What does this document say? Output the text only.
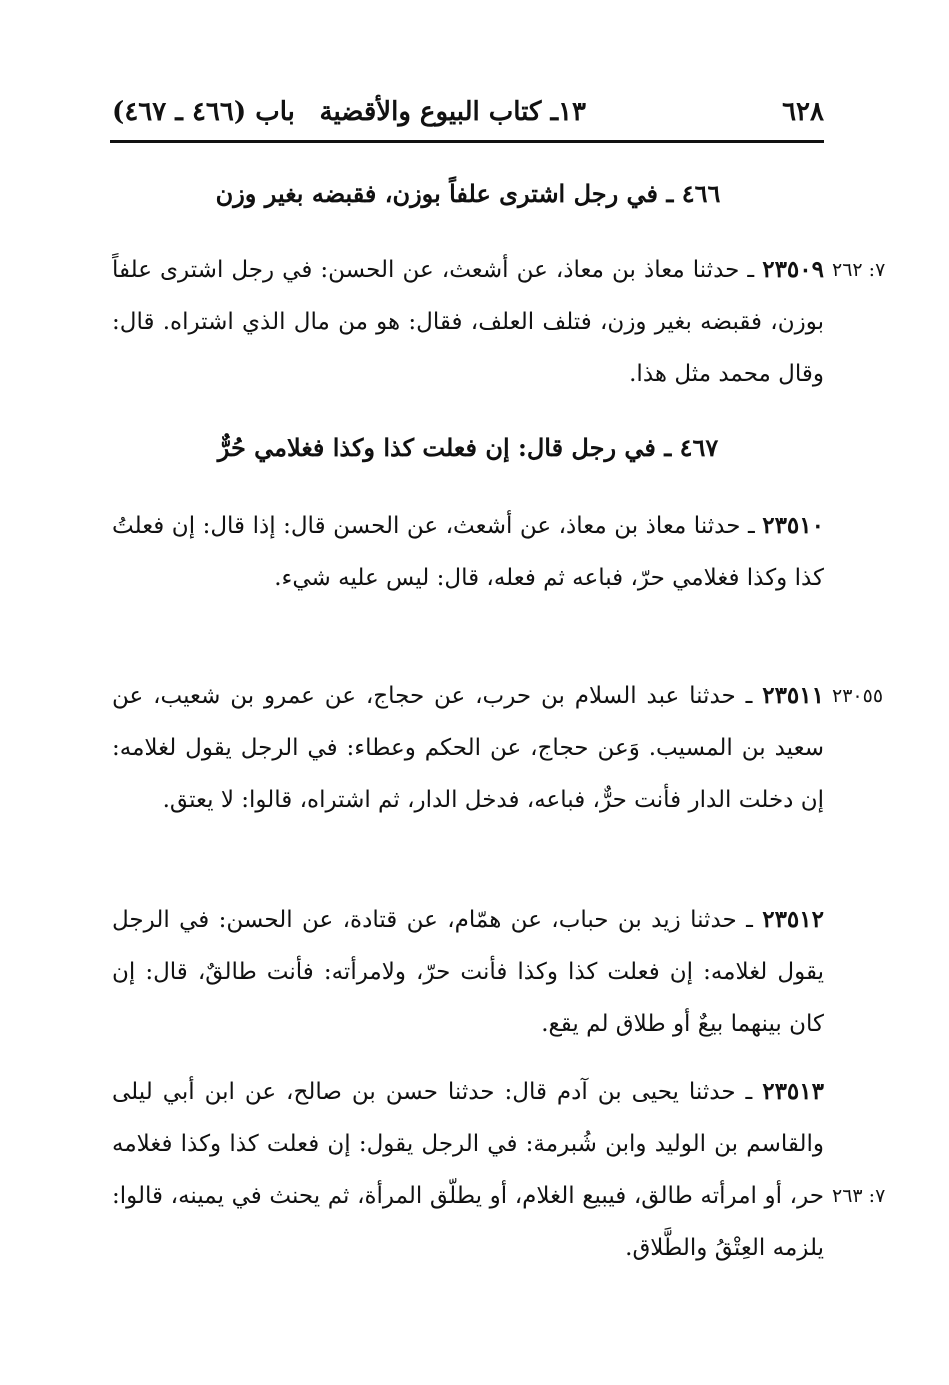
٦٢٨
١٣ـ كتاب البيوع والأقضية
باب (٤٦٦ ـ ٤٦٧)
٤٦٦ ـ في رجل اشترى علفاً بوزن، فقبضه بغير وزن
٧: ٢٦٢

٢٣٥٠٩ ـ حدثنا معاذ بن معاذ، عن أشعث، عن الحسن: في رجل اشترى علفاً بوزن، فقبضه بغير وزن، فتلف العلف، فقال: هو من مال الذي اشتراه. قال: وقال محمد مثل هذا.

٤٦٧ ـ في رجل قال: إن فعلت كذا وكذا فغلامي حُرٌّ

٢٣٥١٠ ـ حدثنا معاذ بن معاذ، عن أشعث، عن الحسن قال: إذا قال: إن فعلتُ كذا وكذا فغلامي حرّ، فباعه ثم فعله، قال: ليس عليه شيء.

٢٣٠٥٥

٢٣٥١١ ـ حدثنا عبد السلام بن حرب، عن حجاج، عن عمرو بن شعيب، عن سعيد بن المسيب. وَعن حجاج، عن الحكم وعطاء: في الرجل يقول لغلامه: إن دخلت الدار فأنت حرٌّ، فباعه، فدخل الدار، ثم اشتراه، قالوا: لا يعتق.

٢٣٥١٢ ـ حدثنا زيد بن حباب، عن همّام، عن قتادة، عن الحسن: في الرجل يقول لغلامه: إن فعلت كذا وكذا فأنت حرّ، ولامرأته: فأنت طالقٌ، قال: إن كان بينهما بيعٌ أو طلاق لم يقع.

٧: ٢٦٣

٢٣٥١٣ ـ حدثنا يحيى بن آدم قال: حدثنا حسن بن صالح، عن ابن أبي ليلى والقاسم بن الوليد وابن شُبرمة: في الرجل يقول: إن فعلت كذا وكذا فغلامه حر، أو امرأته طالق، فيبيع الغلام، أو يطلّق المرأة، ثم يحنث في يمينه، قالوا: يلزمه العِتْقُ والطَّلاق.
